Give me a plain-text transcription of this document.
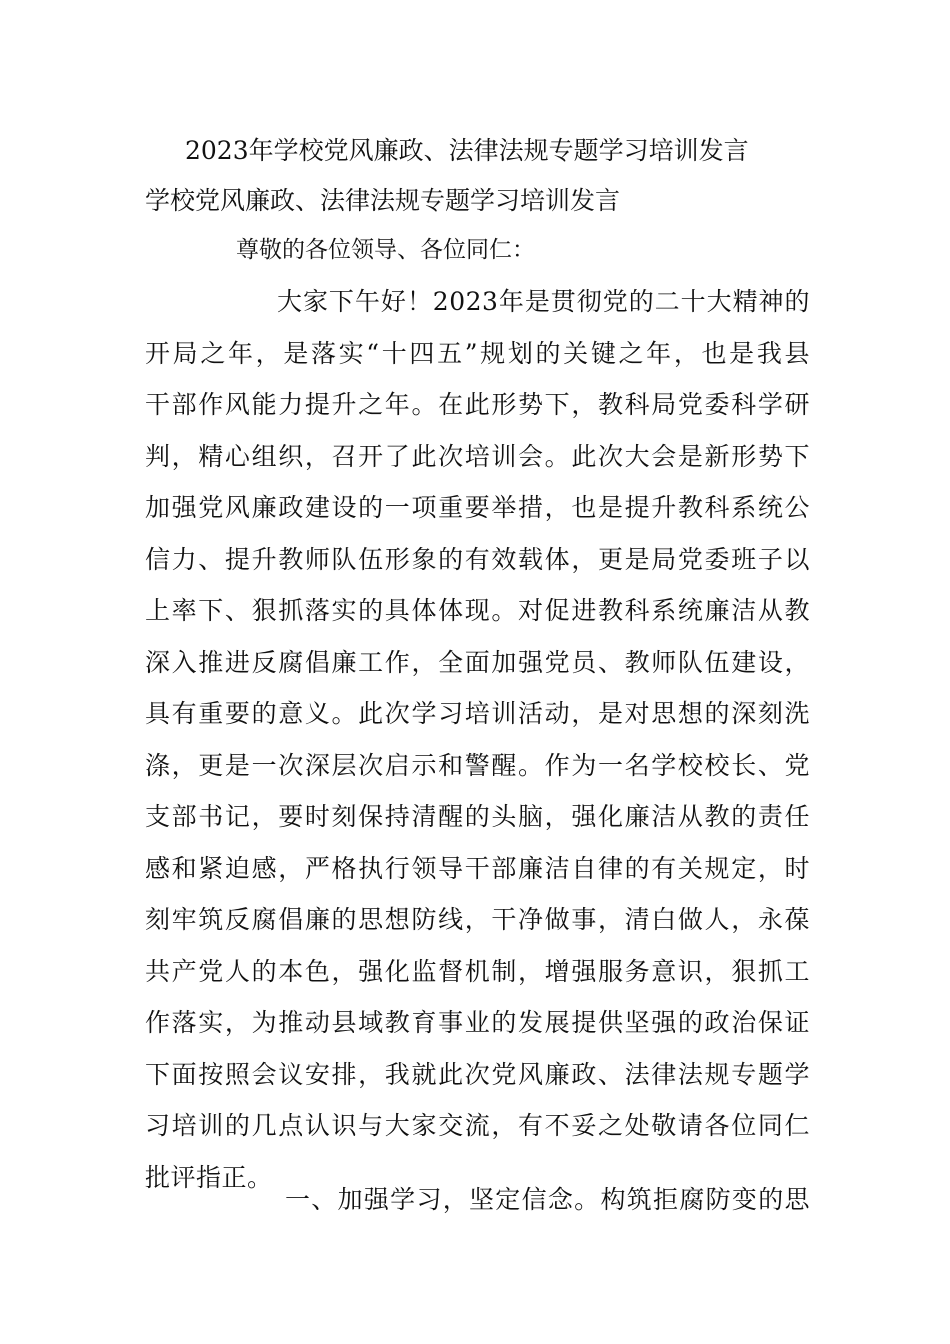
2023年学校党风廉政、法律法规专题学习培训发言
学校党风廉政、法律法规专题学习培训发言
尊敬的各位领导、各位同仁：
大家下午好！2023年是贯彻党的二十大精神的
开局之年，是落实“十四五”规划的关键之年，也是我县
干部作风能力提升之年。在此形势下，教科局党委科学研
判，精心组织，召开了此次培训会。此次大会是新形势下
加强党风廉政建设的一项重要举措，也是提升教科系统公
信力、提升教师队伍形象的有效载体，更是局党委班子以
上率下、狠抓落实的具体体现。对促进教科系统廉洁从教
深入推进反腐倡廉工作，全面加强党员、教师队伍建设，
具有重要的意义。此次学习培训活动，是对思想的深刻洗
涤，更是一次深层次启示和警醒。作为一名学校校长、党
支部书记，要时刻保持清醒的头脑，强化廉洁从教的责任
感和紧迫感，严格执行领导干部廉洁自律的有关规定，时
刻牢筑反腐倡廉的思想防线，干净做事，清白做人，永葆
共产党人的本色，强化监督机制，增强服务意识，狠抓工
作落实，为推动县域教育事业的发展提供坚强的政治保证
下面按照会议安排，我就此次党风廉政、法律法规专题学
习培训的几点认识与大家交流，有不妥之处敬请各位同仁
批评指正。
一、加强学习，坚定信念。构筑拒腐防变的思
